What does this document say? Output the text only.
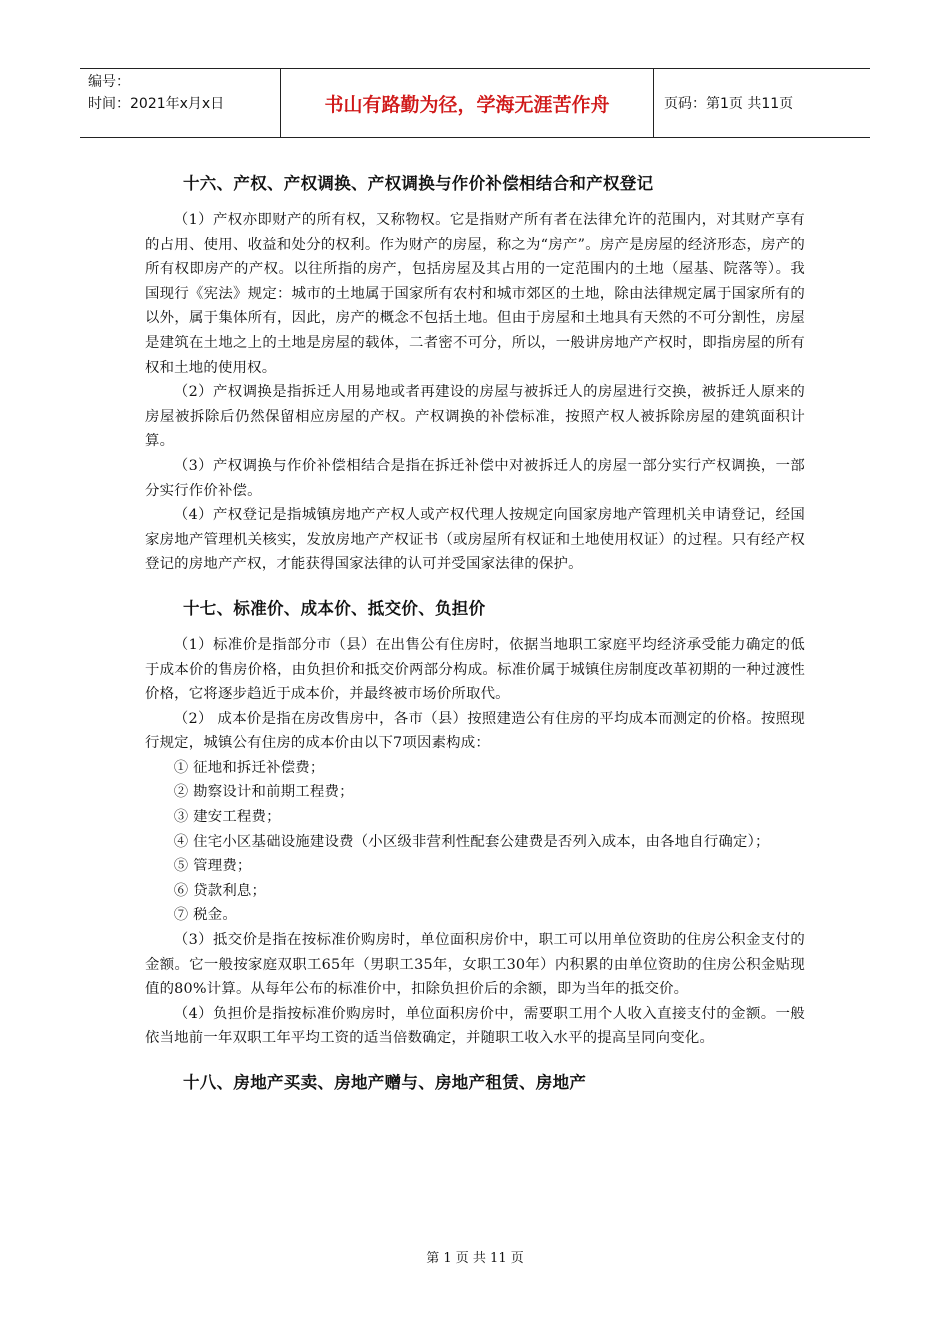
编号：
时间：2021年x月x日	书山有路勤为径，学海无涯苦作舟	页码：第1页 共11页
十六、产权、产权调换、产权调换与作价补偿相结合和产权登记

（1）产权亦即财产的所有权，又称物权。它是指财产所有者在法律允许的范围内，对其财产享有的占用、使用、收益和处分的权利。作为财产的房屋，称之为“房产”。房产是房屋的经济形态，房产的所有权即房产的产权。以往所指的房产，包括房屋及其占用的一定范围内的土地（屋基、院落等）。我国现行《宪法》规定：城市的土地属于国家所有农村和城市郊区的土地，除由法律规定属于国家所有的以外，属于集体所有，因此，房产的概念不包括土地。但由于房屋和土地具有天然的不可分割性，房屋是建筑在土地之上的土地是房屋的载体，二者密不可分，所以，一般讲房地产产权时，即指房屋的所有权和土地的使用权。

（2）产权调换是指拆迁人用易地或者再建设的房屋与被拆迁人的房屋进行交换，被拆迁人原来的房屋被拆除后仍然保留相应房屋的产权。产权调换的补偿标准，按照产权人被拆除房屋的建筑面积计算。

（3）产权调换与作价补偿相结合是指在拆迁补偿中对被拆迁人的房屋一部分实行产权调换，一部分实行作价补偿。

（4）产权登记是指城镇房地产产权人或产权代理人按规定向国家房地产管理机关申请登记，经国家房地产管理机关核实，发放房地产产权证书（或房屋所有权证和土地使用权证）的过程。只有经产权登记的房地产产权，才能获得国家法律的认可并受国家法律的保护。

十七、标准价、成本价、抵交价、负担价

（1）标准价是指部分市（县）在出售公有住房时，依据当地职工家庭平均经济承受能力确定的低于成本价的售房价格，由负担价和抵交价两部分构成。标准价属于城镇住房制度改革初期的一种过渡性价格，它将逐步趋近于成本价，并最终被市场价所取代。

（2） 成本价是指在房改售房中，各市（县）按照建造公有住房的平均成本而测定的价格。按照现行规定，城镇公有住房的成本价由以下7项因素构成：

① 征地和拆迁补偿费；

② 勘察设计和前期工程费；

③ 建安工程费；

④ 住宅小区基础设施建设费（小区级非营利性配套公建费是否列入成本，由各地自行确定）；

⑤ 管理费；

⑥ 贷款利息；

⑦ 税金。

（3）抵交价是指在按标准价购房时，单位面积房价中，职工可以用单位资助的住房公积金支付的金额。它一般按家庭双职工65年（男职工35年，女职工30年）内积累的由单位资助的住房公积金贴现值的80%计算。从每年公布的标准价中，扣除负担价后的余额，即为当年的抵交价。

（4）负担价是指按标准价购房时，单位面积房价中，需要职工用个人收入直接支付的金额。一般依当地前一年双职工年平均工资的适当倍数确定，并随职工收入水平的提高呈同向变化。

十八、房地产买卖、房地产赠与、房地产租赁、房地产
第 1 页 共 11 页
